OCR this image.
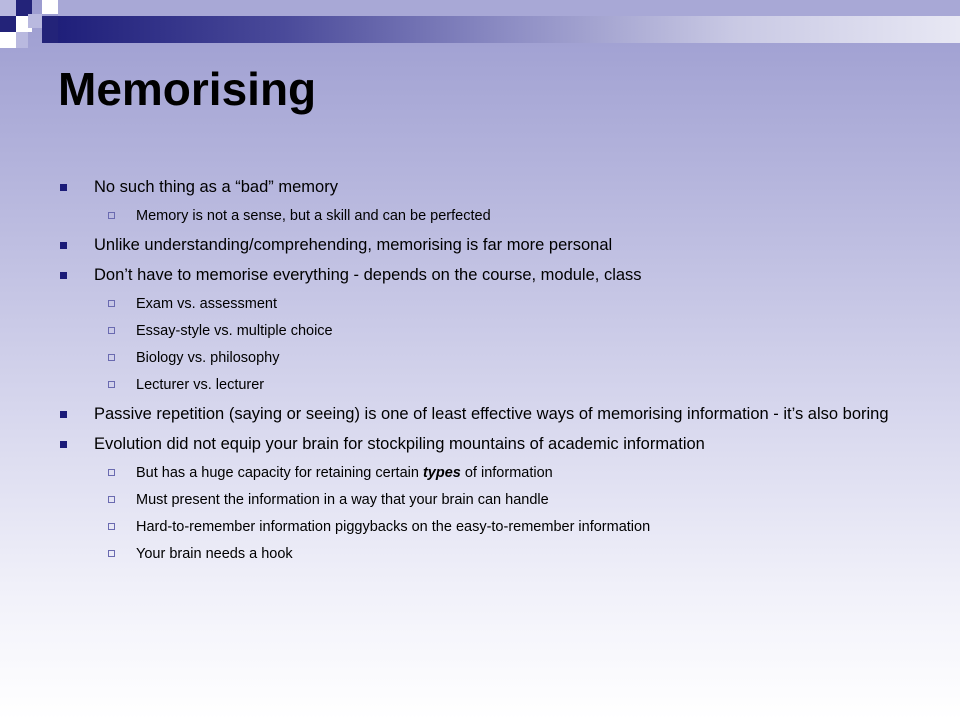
Memorising
No such thing as a “bad” memory
Memory is not a sense, but a skill and can be perfected
Unlike understanding/comprehending, memorising is far more personal
Don’t have to memorise everything - depends on the course, module, class
Exam vs. assessment
Essay-style vs. multiple choice
Biology vs. philosophy
Lecturer vs. lecturer
Passive repetition (saying or seeing) is one of least effective ways of memorising information - it’s also boring
Evolution did not equip your brain for stockpiling mountains of academic information
But has a huge capacity for retaining certain types of information
Must present the information in a way that your brain can handle
Hard-to-remember information piggybacks on the easy-to-remember information
Your brain needs a hook
